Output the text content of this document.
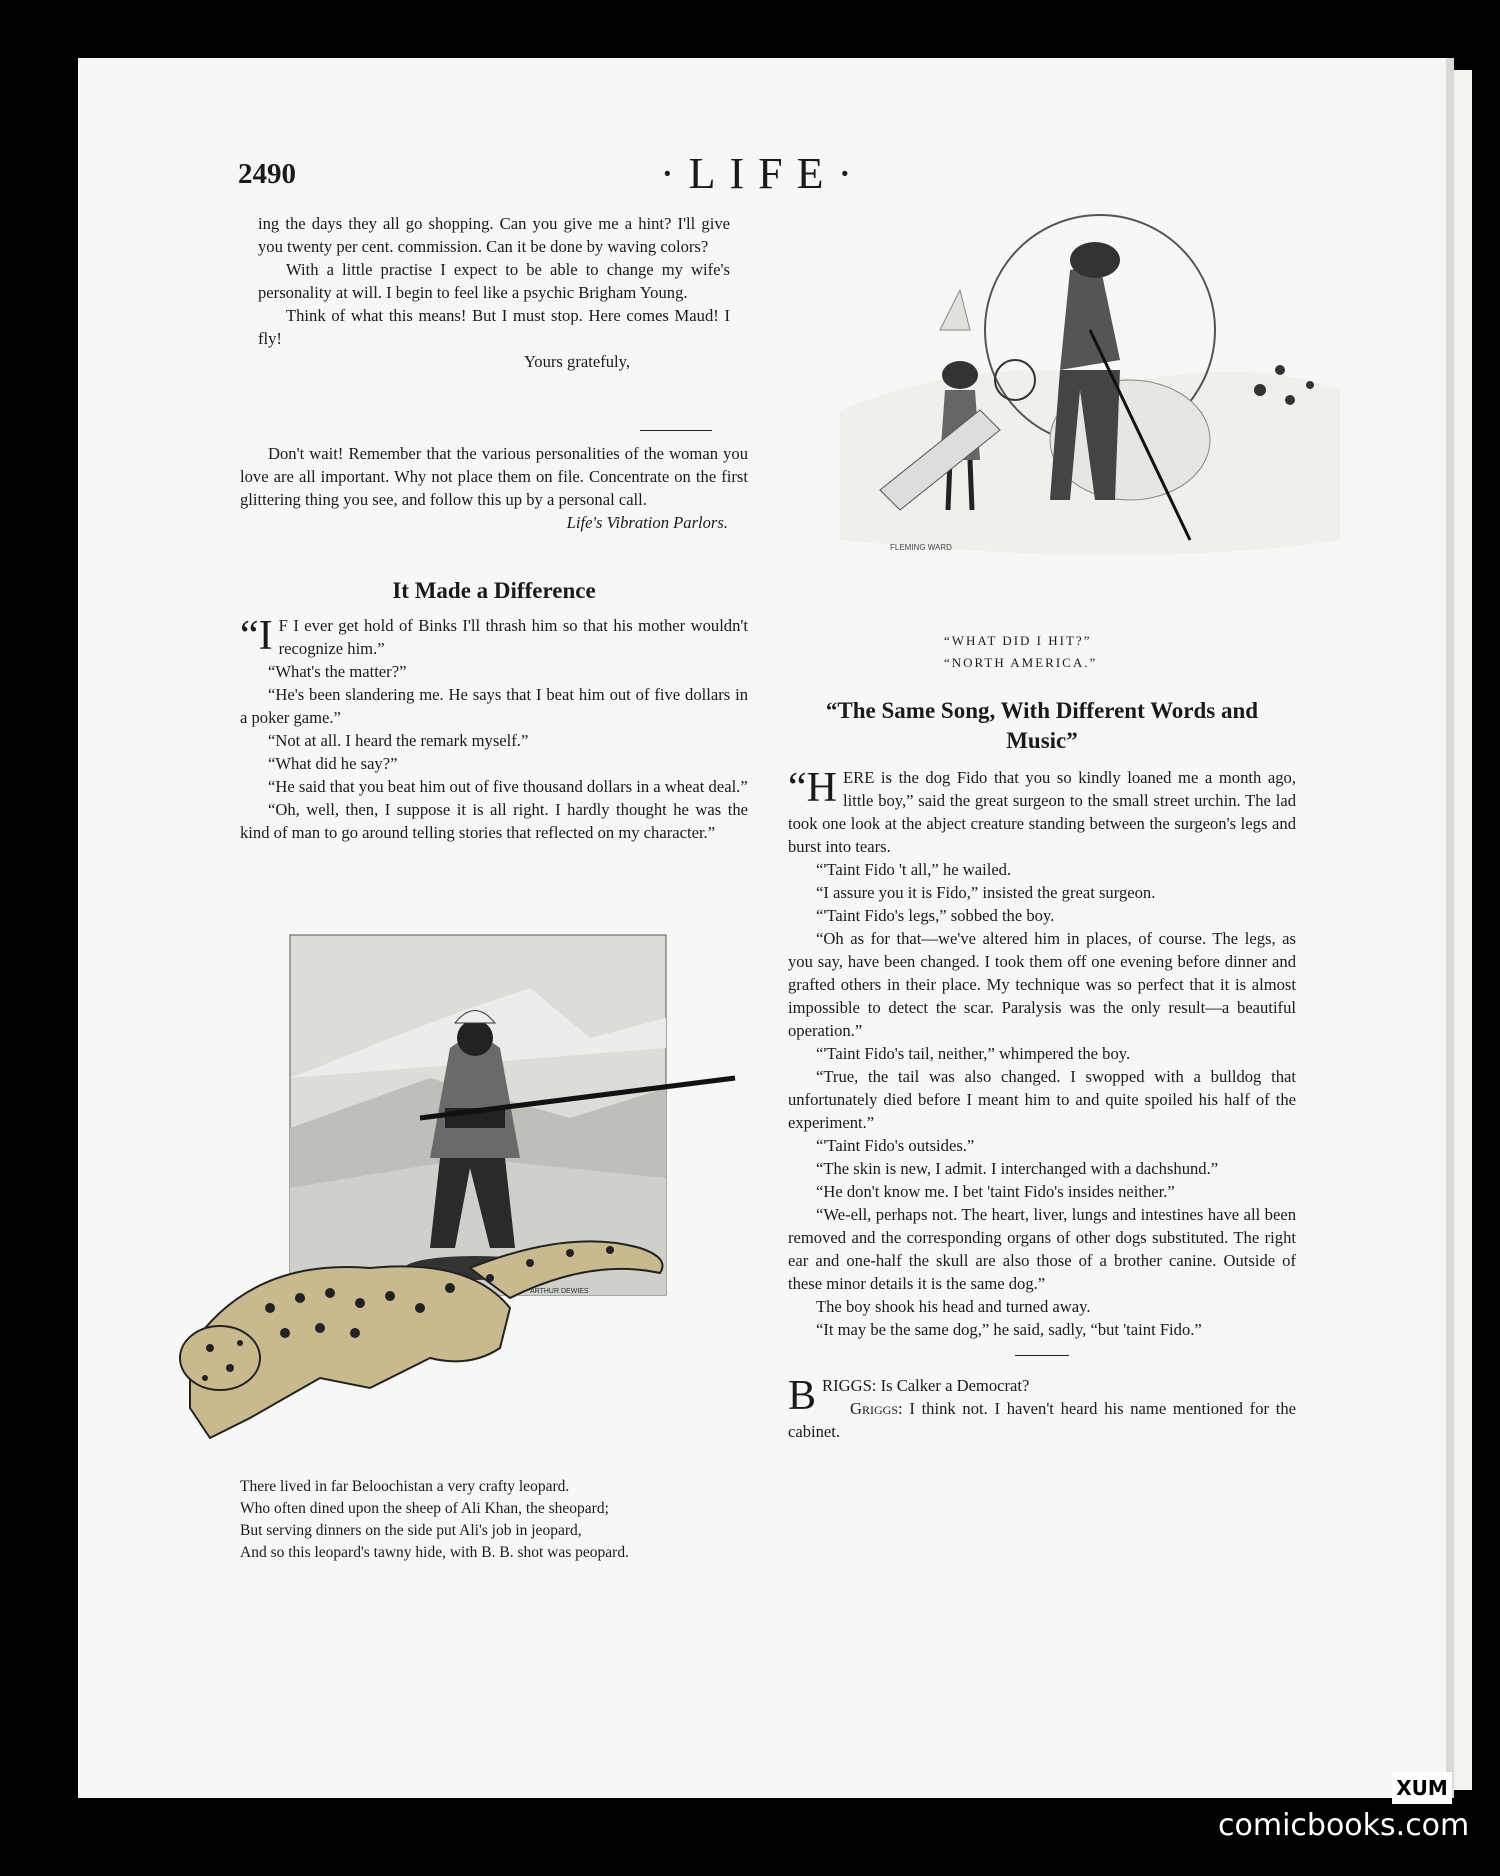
2490	·LIFE·

ing the days they all go shopping. Can you give me a hint? I'll give you twenty per cent. commission. Can it be done by waving colors?

With a little practise I expect to be able to change my wife's personality at will. I begin to feel like a psychic Brigham Young.

Think of what this means! But I must stop. Here comes Maud! I fly!

Yours gratefuly,

Don't wait! Remember that the various personalities of the woman you love are all important. Why not place them on file. Concentrate on the first glittering thing you see, and follow this up by a personal call.

Life's Vibration Parlors.

It Made a Difference

“I F I ever get hold of Binks I'll thrash him so that his mother wouldn't recognize him.”

“What's the matter?”

“He's been slandering me. He says that I beat him out of five dollars in a poker game.”

“Not at all. I heard the remark myself.”

“What did he say?”

“He said that you beat him out of five thousand dollars in a wheat deal.”

“Oh, well, then, I suppose it is all right. I hardly thought he was the kind of man to go around telling stories that reflected on my character.”

ARTHUR DEWIES
There lived in far Beloochistan a very crafty leopard.
Who often dined upon the sheep of Ali Khan, the sheopard;
But serving dinners on the side put Ali's job in jeopard,
And so this leopard's tawny hide, with B. B. shot was peopard.
FLEMING WARD
“WHAT DID I HIT?”
“NORTH AMERICA.”
“The Same Song, With Different Words and Music”

“HERE is the dog Fido that you so kindly loaned me a month ago, little boy,” said the great surgeon to the small street urchin. The lad took one look at the abject creature standing between the surgeon's legs and burst into tears.

“'Taint Fido 't all,” he wailed.

“I assure you it is Fido,” insisted the great surgeon.

“'Taint Fido's legs,” sobbed the boy.

“Oh as for that—we've altered him in places, of course. The legs, as you say, have been changed. I took them off one evening before dinner and grafted others in their place. My technique was so perfect that it is almost impossible to detect the scar. Paralysis was the only result—a beautiful operation.”

“'Taint Fido's tail, neither,” whimpered the boy.

“True, the tail was also changed. I swopped with a bulldog that unfortunately died before I meant him to and quite spoiled his half of the experiment.”

“'Taint Fido's outsides.”

“The skin is new, I admit. I interchanged with a dachshund.”

“He don't know me. I bet 'taint Fido's insides neither.”

“We-ell, perhaps not. The heart, liver, lungs and intestines have all been removed and the corresponding organs of other dogs substituted. The right ear and one-half the skull are also those of a brother canine. Outside of these minor details it is the same dog.”

The boy shook his head and turned away.

“It may be the same dog,” he said, sadly, “but 'taint Fido.”

BRIGGS: Is Calker a Democrat?

Griggs: I think not. I haven't heard his name mentioned for the cabinet.

XUM
comicbooks.com
